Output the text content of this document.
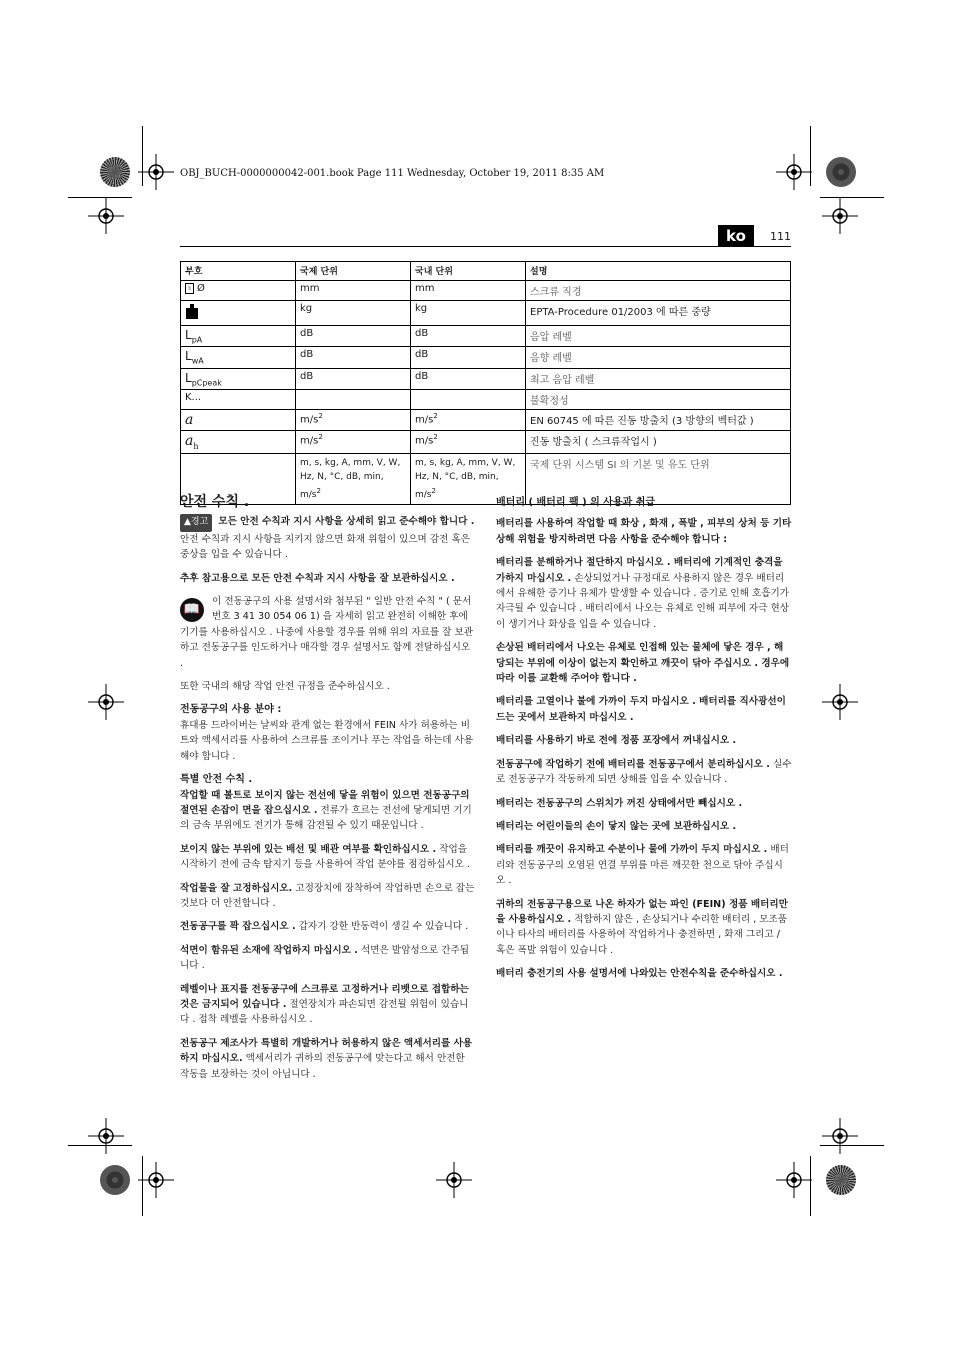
OBJ_BUCH-0000000042-001.book Page 111 Wednesday, October 19, 2011 8:35 AM
ko	111
부호	국제 단위	국내 단위	설명
♮ Ø	mm	mm	스크류 직경
	kg	kg	EPTA-Procedure 01/2003 에 따른 중량
$L_{pA}$	dB	dB	음압 레벨
$L_{wA}$	dB	dB	음향 레벨
$L_{pCpeak}$	dB	dB	최고 음압 레벨
K...			불확정성
a	$m/s^2$	$m/s^2$	EN 60745 에 따른 진동 방출치 (3 방향의 벡터값 )
$a_h$	$m/s^2$	$m/s^2$	진동 방출치 ( 스크류작업시 )
	m, s, kg, A, mm, V, W, Hz, N, °C, dB, min, $m/s^2$	m, s, kg, A, mm, V, W, Hz, N, °C, dB, min, $m/s^2$	국제 단위 시스템 SI 의 기본 및 유도 단위
안전 수칙 .

▲경고 모든 안전 수칙과 지시 사항을 상세히 읽고 준수해야 합니다 . 안전 수칙과 지시 사항을 지키지 않으면 화재 위험이 있으며 감전 혹은 중상을 입을 수 있습니다 .

추후 참고용으로 모든 안전 수칙과 지시 사항을 잘 보관하십시오 .

📖
이 전동공구의 사용 설명서와 첨부된 " 일반 안전 수칙 " ( 문서 번호 3 41 30 054 06 1) 을 자세히 읽고 완전히 이해한 후에 기기를 사용하십시오 . 나중에 사용할 경우를 위해 위의 자료를 잘 보관하고 전동공구를 인도하거나 매각할 경우 설명서도 함께 전달하십시오 .

또한 국내의 해당 작업 안전 규정을 준수하십시오 .

전동공구의 사용 분야 :

휴대용 드라이버는 날씨와 관계 없는 환경에서 FEIN 사가 허용하는 비트와 액세서리를 사용하여 스크류를 조이거나 푸는 작업을 하는데 사용해야 합니다 .

특별 안전 수칙 .

작업할 때 볼트로 보이지 않는 전선에 닿을 위험이 있으면 전동공구의 절연된 손잡이 면을 잡으십시오 . 전류가 흐르는 전선에 닿게되면 기기의 금속 부위에도 전기가 통해 감전될 수 있기 때문입니다 .

보이지 않는 부위에 있는 배선 및 배관 여부를 확인하십시오 . 작업을 시작하기 전에 금속 탐지기 등을 사용하여 작업 분야를 점검하십시오 .

작업물을 잘 고정하십시오. 고정장치에 장착하여 작업하면 손으로 잡는 것보다 더 안전합니다 .

전동공구를 꽉 잡으십시오 . 갑자기 강한 반동력이 생길 수 있습니다 .

석면이 함유된 소재에 작업하지 마십시오 . 석면은 발암성으로 간주됩니다 .

레벨이나 표지를 전동공구에 스크류로 고정하거나 리벳으로 접합하는 것은 금지되어 있습니다 . 절연장치가 파손되면 감전될 위험이 있습니다 . 접착 레벨을 사용하십시오 .

전동공구 제조사가 특별히 개발하거나 허용하지 않은 액세서리를 사용하지 마십시오. 액세서리가 귀하의 전동공구에 맞는다고 해서 안전한 작동을 보장하는 것이 아닙니다 .

배터리 ( 배터리 팩 ) 의 사용과 취급

배터리를 사용하여 작업할 때 화상 , 화재 , 폭발 , 피부의 상처 등 기타 상해 위험을 방지하려면 다음 사항을 준수해야 합니다 :

배터리를 분해하거나 절단하지 마십시오 . 배터리에 기계적인 충격을 가하지 마십시오 . 손상되었거나 규정대로 사용하지 않은 경우 배터리에서 유해한 증기나 유체가 발생할 수 있습니다 . 증기로 인해 호흡기가 자극될 수 있습니다 . 배터리에서 나오는 유체로 인해 피부에 자극 현상이 생기거나 화상을 입을 수 있습니다 .

손상된 배터리에서 나오는 유체로 인접해 있는 물체에 닿은 경우 , 해당되는 부위에 이상이 없는지 확인하고 깨끗이 닦아 주십시오 . 경우에 따라 이를 교환해 주어야 합니다 .

배터리를 고열이나 불에 가까이 두지 마십시오 . 배터리를 직사광선이 드는 곳에서 보관하지 마십시오 .

배터리를 사용하기 바로 전에 정품 포장에서 꺼내십시오 .

전동공구에 작업하기 전에 배터리를 전동공구에서 분리하십시오 . 실수로 전동공구가 작동하게 되면 상해를 입을 수 있습니다 .

배터리는 전동공구의 스위치가 꺼진 상태에서만 빼십시오 .

배터리는 어린이들의 손이 닿지 않는 곳에 보관하십시오 .

배터리를 깨끗이 유지하고 수분이나 물에 가까이 두지 마십시오 . 배터리와 전동공구의 오염된 연결 부위를 마른 깨끗한 천으로 닦아 주십시오 .

귀하의 전동공구용으로 나온 하자가 없는 파인 (FEIN) 정품 배터리만을 사용하십시오 . 적합하지 않은 , 손상되거나 수리한 배터리 , 모조품이나 타사의 배터리를 사용하여 작업하거나 충전하면 , 화재 그리고 / 혹은 폭발 위험이 있습니다 .

배터리 충전기의 사용 설명서에 나와있는 안전수칙을 준수하십시오 .
